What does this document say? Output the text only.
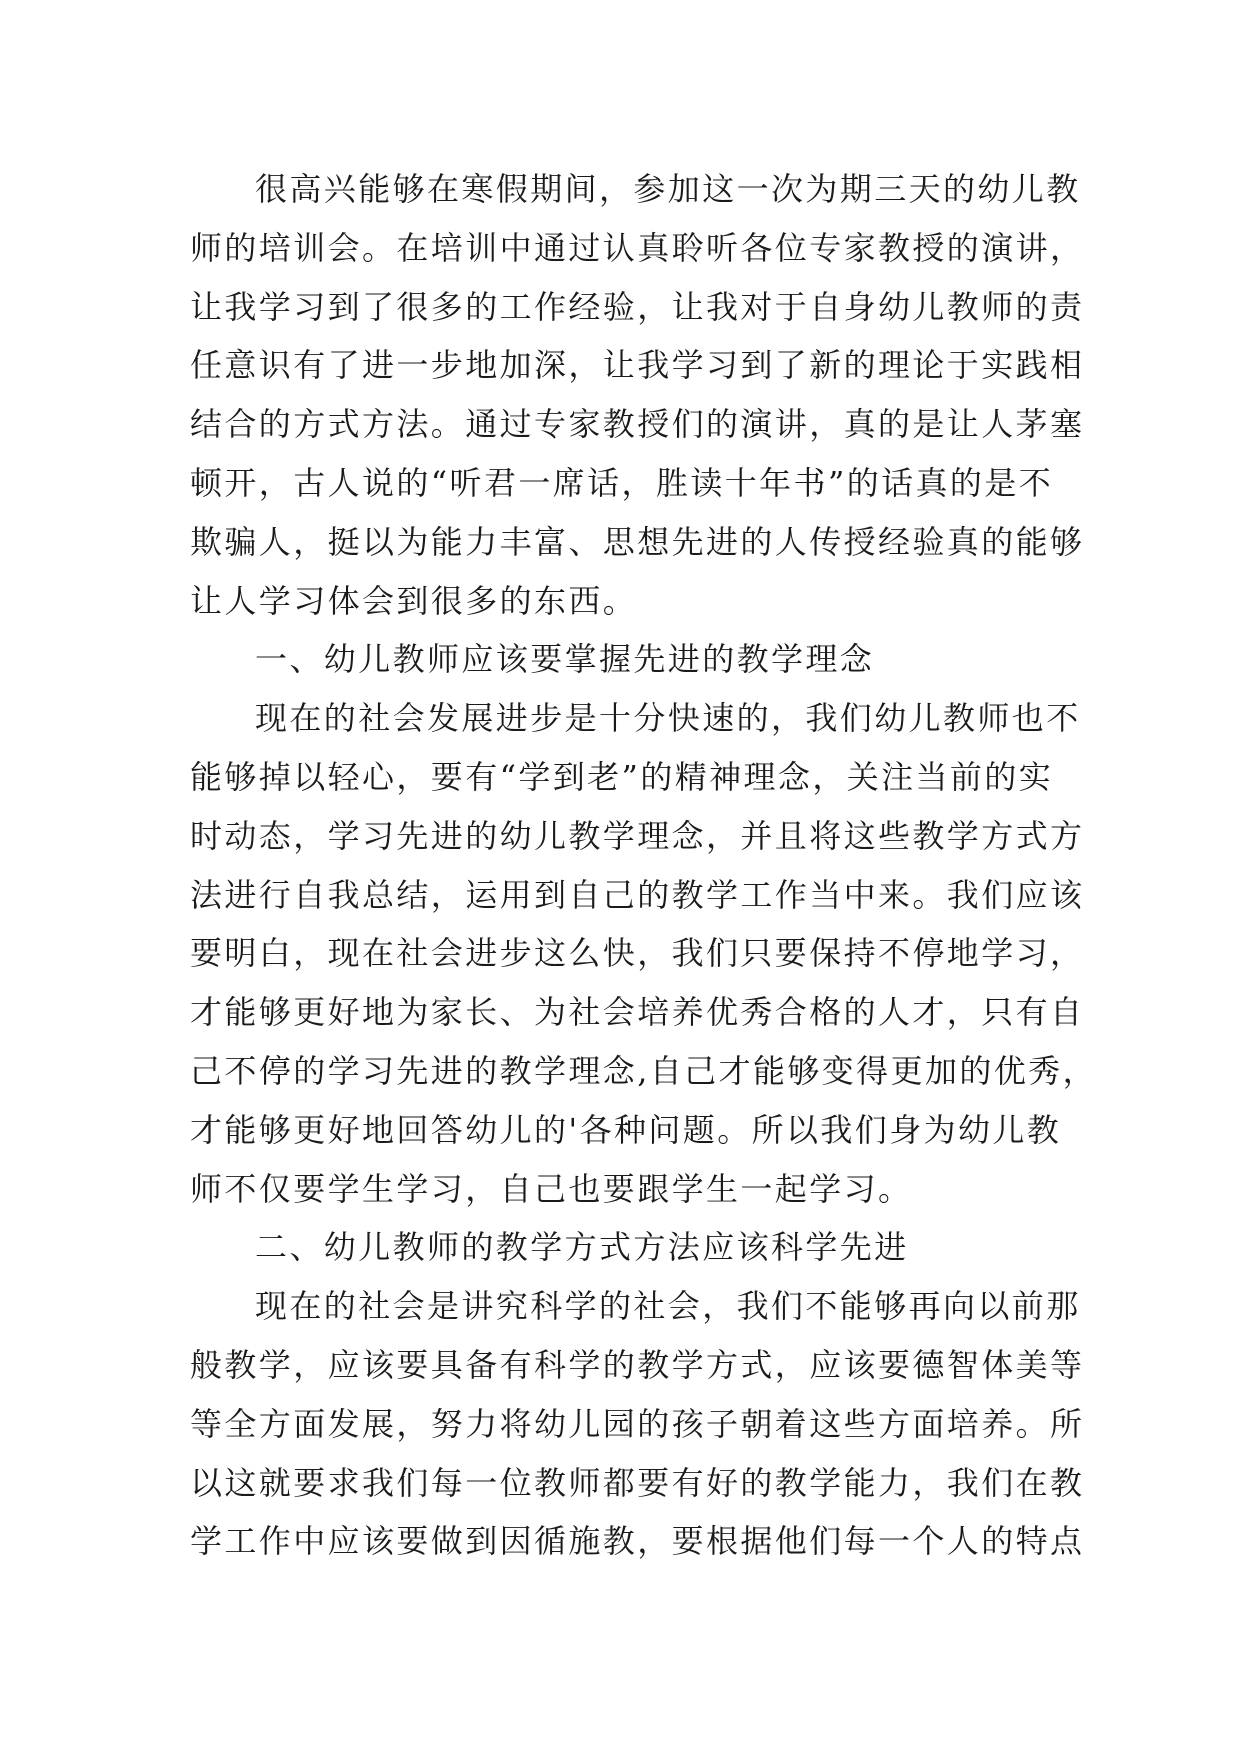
很高兴能够在寒假期间，参加这一次为期三天的幼儿教
师的培训会。在培训中通过认真聆听各位专家教授的演讲，
让我学习到了很多的工作经验，让我对于自身幼儿教师的责
任意识有了进一步地加深，让我学习到了新的理论于实践相
结合的方式方法。通过专家教授们的演讲，真的是让人茅塞
顿开，古人说的“听君一席话，胜读十年书”的话真的是不
欺骗人，挺以为能力丰富、思想先进的人传授经验真的能够
让人学习体会到很多的东西。
一、幼儿教师应该要掌握先进的教学理念
现在的社会发展进步是十分快速的，我们幼儿教师也不
能够掉以轻心，要有“学到老”的精神理念，关注当前的实
时动态，学习先进的幼儿教学理念，并且将这些教学方式方
法进行自我总结，运用到自己的教学工作当中来。我们应该
要明白，现在社会进步这么快，我们只要保持不停地学习，
才能够更好地为家长、为社会培养优秀合格的人才，只有自
己不停的学习先进的教学理念,自己才能够变得更加的优秀，
才能够更好地回答幼儿的'各种问题。所以我们身为幼儿教
师不仅要学生学习，自己也要跟学生一起学习。
二、幼儿教师的教学方式方法应该科学先进
现在的社会是讲究科学的社会，我们不能够再向以前那
般教学，应该要具备有科学的教学方式，应该要德智体美等
等全方面发展，努力将幼儿园的孩子朝着这些方面培养。所
以这就要求我们每一位教师都要有好的教学能力，我们在教
学工作中应该要做到因循施教，要根据他们每一个人的特点
